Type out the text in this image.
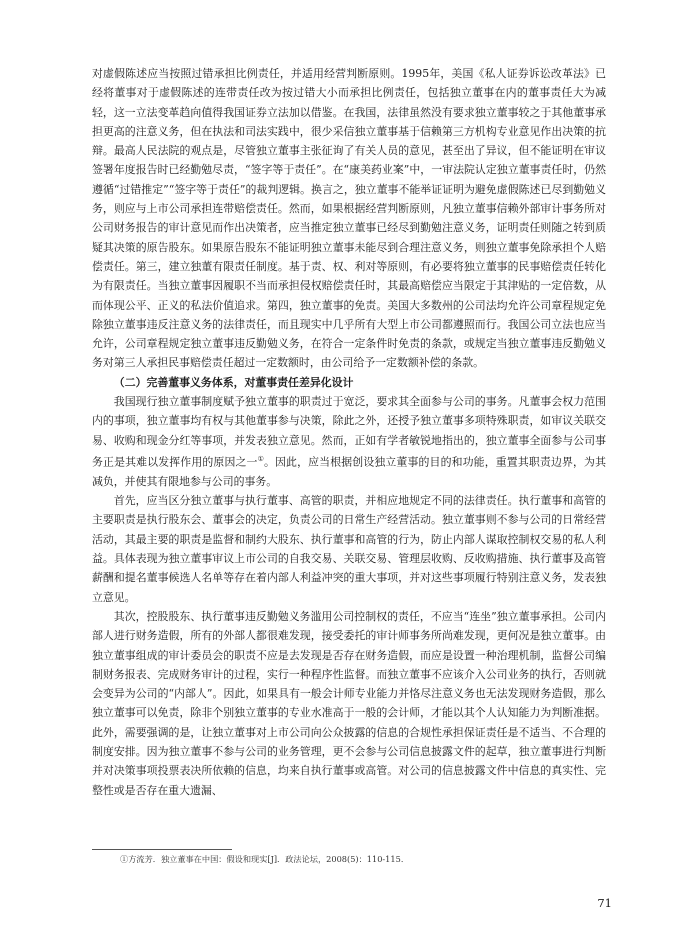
对虚假陈述应当按照过错承担比例责任，并适用经营判断原则。1995年，美国《私人证券诉讼改革法》已经将董事对于虚假陈述的连带责任改为按过错大小而承担比例责任，包括独立董事在内的董事责任大为减轻，这一立法变革趋向值得我国证券立法加以借鉴。在我国，法律虽然没有要求独立董事较之于其他董事承担更高的注意义务，但在执法和司法实践中，很少采信独立董事基于信赖第三方机构专业意见作出决策的抗辩。最高人民法院的观点是，尽管独立董事主张征询了有关人员的意见，甚至出了异议，但不能证明在审议签署年度报告时已经勤勉尽责，“签字等于责任”。在“康美药业案”中，一审法院认定独立董事责任时，仍然遵循“过错推定”“签字等于责任”的裁判逻辑。换言之，独立董事不能举证证明为避免虚假陈述已尽到勤勉义务，则应与上市公司承担连带赔偿责任。然而，如果根据经营判断原则，凡独立董事信赖外部审计事务所对公司财务报告的审计意见而作出决策者，应当推定独立董事已经尽到勤勉注意义务，证明责任则随之转到质疑其决策的原告股东。如果原告股东不能证明独立董事未能尽到合理注意义务，则独立董事免除承担个人赔偿责任。第三，建立独董有限责任制度。基于责、权、利对等原则，有必要将独立董事的民事赔偿责任转化为有限责任。当独立董事因履职不当而承担侵权赔偿责任时，其最高赔偿应当限定于其津贴的一定倍数，从而体现公平、正义的私法价值追求。第四，独立董事的免责。美国大多数州的公司法均允许公司章程规定免除独立董事违反注意义务的法律责任，而且现实中几乎所有大型上市公司都遵照而行。我国公司立法也应当允许，公司章程规定独立董事违反勤勉义务，在符合一定条件时免责的条款，或规定当独立董事违反勤勉义务对第三人承担民事赔偿责任超过一定数额时，由公司给予一定数额补偿的条款。

（二）完善董事义务体系，对董事责任差异化设计

我国现行独立董事制度赋予独立董事的职责过于宽泛，要求其全面参与公司的事务。凡董事会权力范围内的事项，独立董事均有权与其他董事参与决策，除此之外，还授予独立董事多项特殊职责，如审议关联交易、收购和现金分红等事项，并发表独立意见。然而，正如有学者敏锐地指出的，独立董事全面参与公司事务正是其难以发挥作用的原因之一①。因此，应当根据创设独立董事的目的和功能，重置其职责边界，为其减负，并使其有限地参与公司的事务。

首先，应当区分独立董事与执行董事、高管的职责，并相应地规定不同的法律责任。执行董事和高管的主要职责是执行股东会、董事会的决定，负责公司的日常生产经营活动。独立董事则不参与公司的日常经营活动，其最主要的职责是监督和制约大股东、执行董事和高管的行为，防止内部人谋取控制权交易的私人利益。具体表现为独立董事审议上市公司的自我交易、关联交易、管理层收购、反收购措施、执行董事及高管薪酬和提名董事候选人名单等存在着内部人利益冲突的重大事项，并对这些事项履行特别注意义务，发表独立意见。

其次，控股股东、执行董事违反勤勉义务滥用公司控制权的责任，不应当“连坐”独立董事承担。公司内部人进行财务造假，所有的外部人都很难发现，接受委托的审计师事务所尚难发现，更何况是独立董事。由独立董事组成的审计委员会的职责不应是去发现是否存在财务造假，而应是设置一种治理机制，监督公司编制财务报表、完成财务审计的过程，实行一种程序性监督。而独立董事不应该介入公司业务的执行，否则就会变异为公司的“内部人”。因此，如果具有一般会计师专业能力并恪尽注意义务也无法发现财务造假，那么独立董事可以免责，除非个别独立董事的专业水准高于一般的会计师，才能以其个人认知能力为判断准据。此外，需要强调的是，让独立董事对上市公司向公众披露的信息的合规性承担保证责任是不适当、不合理的制度安排。因为独立董事不参与公司的业务管理，更不会参与公司信息披露文件的起草，独立董事进行判断并对决策事项投票表决所依赖的信息，均来自执行董事或高管。对公司的信息披露文件中信息的真实性、完整性或是否存在重大遗漏、

①方流芳．独立董事在中国：假设和现实[J]．政法论坛，2008(5)：110-115．
71
